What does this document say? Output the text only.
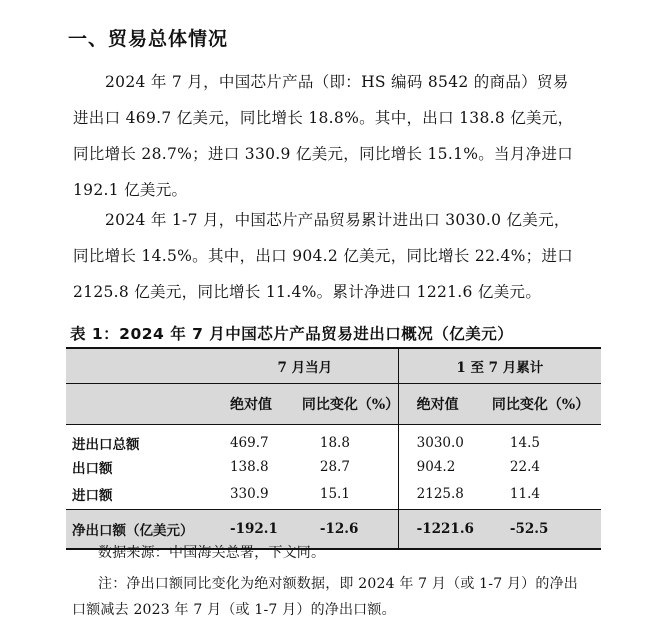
一、贸易总体情况
2024 年 7 月，中国芯片产品（即：HS 编码 8542 的商品）贸易
进出口 469.7 亿美元，同比增长 18.8%。其中，出口 138.8 亿美元，
同比增长 28.7%；进口 330.9 亿美元，同比增长 15.1%。当月净进口
192.1 亿美元。
2024 年 1-7 月，中国芯片产品贸易累计进出口 3030.0 亿美元，
同比增长 14.5%。其中，出口 904.2 亿美元，同比增长 22.4%；进口
2125.8 亿美元，同比增长 11.4%。累计净进口 1221.6 亿美元。
表 1：2024 年 7 月中国芯片产品贸易进出口概况（亿美元）
	7 月当月		1 至 7 月累计	
	绝对值	同比变化（%）	绝对值	同比变化（%）

进出口总额	469.7	18.8	3030.0	14.5
出口额	138.8	28.7	904.2	22.4
进口额	330.9	15.1	2125.8	11.4
净出口额（亿美元）	-192.1	-12.6	-1221.6	-52.5
数据来源：中国海关总署，下文同。
注：净出口额同比变化为绝对额数据，即 2024 年 7 月（或 1-7 月）的净出
口额减去 2023 年 7 月（或 1-7 月）的净出口额。
